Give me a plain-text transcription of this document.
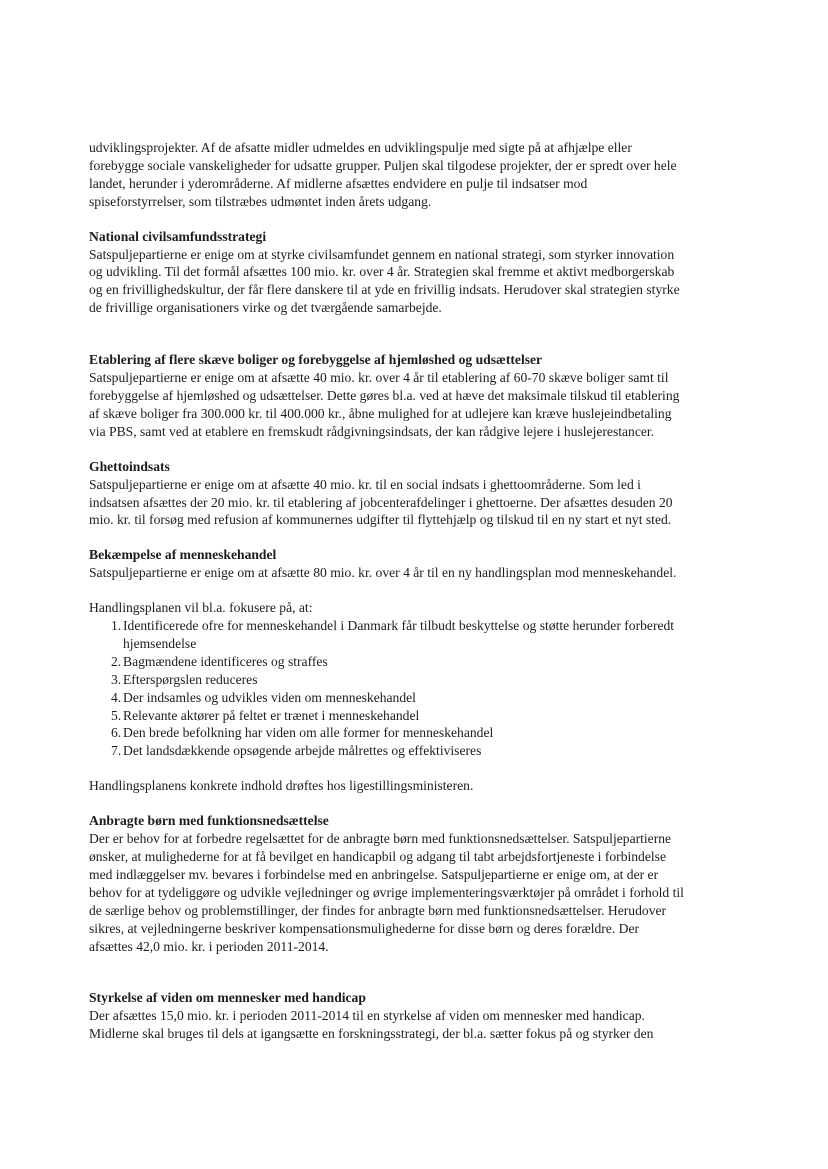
udviklingsprojekter. Af de afsatte midler udmeldes en udviklingspulje med sigte på at afhjælpe eller
forebygge sociale vanskeligheder for udsatte grupper. Puljen skal tilgodese projekter, der er spredt over hele
landet, herunder i yderområderne. Af midlerne afsættes endvidere en pulje til indsatser mod
spiseforstyrrelser, som tilstræbes udmøntet inden årets udgang.

National civilsamfundsstrategi

Satspuljepartierne er enige om at styrke civilsamfundet gennem en national strategi, som styrker innovation
og udvikling. Til det formål afsættes 100 mio. kr. over 4 år. Strategien skal fremme et aktivt medborgerskab
og en frivillighedskultur, der får flere danskere til at yde en frivillig indsats. Herudover skal strategien styrke
de frivillige organisationers virke og det tværgående samarbejde.

Etablering af flere skæve boliger og forebyggelse af hjemløshed og udsættelser

Satspuljepartierne er enige om at afsætte 40 mio. kr. over 4 år til etablering af 60-70 skæve boliger samt til
forebyggelse af hjemløshed og udsættelser. Dette gøres bl.a. ved at hæve det maksimale tilskud til etablering
af skæve boliger fra 300.000 kr. til 400.000 kr., åbne mulighed for at udlejere kan kræve huslejeindbetaling
via PBS, samt ved at etablere en fremskudt rådgivningsindsats, der kan rådgive lejere i huslejerestancer.

Ghettoindsats

Satspuljepartierne er enige om at afsætte 40 mio. kr. til en social indsats i ghettoområderne. Som led i
indsatsen afsættes der 20 mio. kr. til etablering af jobcenterafdelinger i ghettoerne. Der afsættes desuden 20
mio. kr. til forsøg med refusion af kommunernes udgifter til flyttehjælp og tilskud til en ny start et nyt sted.

Bekæmpelse af menneskehandel

Satspuljepartierne er enige om at afsætte 80 mio. kr. over 4 år til en ny handlingsplan mod menneskehandel.

Handlingsplanen vil bl.a. fokusere på, at:

1. Identificerede ofre for menneskehandel i Danmark får tilbudt beskyttelse og støtte herunder forberedt
hjemsendelse

2. Bagmændene identificeres og straffes

3. Efterspørgslen reduceres

4. Der indsamles og udvikles viden om menneskehandel

5. Relevante aktører på feltet er trænet i menneskehandel

6. Den brede befolkning har viden om alle former for menneskehandel

7. Det landsdækkende opsøgende arbejde målrettes og effektiviseres

Handlingsplanens konkrete indhold drøftes hos ligestillingsministeren.

Anbragte børn med funktionsnedsættelse

Der er behov for at forbedre regelsættet for de anbragte børn med funktionsnedsættelser. Satspuljepartierne
ønsker, at mulighederne for at få bevilget en handicapbil og adgang til tabt arbejdsfortjeneste i forbindelse
med indlæggelser mv. bevares i forbindelse med en anbringelse. Satspuljepartierne er enige om, at der er
behov for at tydeliggøre og udvikle vejledninger og øvrige implementeringsværktøjer på området i forhold til
de særlige behov og problemstillinger, der findes for anbragte børn med funktionsnedsættelser. Herudover
sikres, at vejledningerne beskriver kompensationsmulighederne for disse børn og deres forældre. Der
afsættes 42,0 mio. kr. i perioden 2011-2014.

Styrkelse af viden om mennesker med handicap

Der afsættes 15,0 mio. kr. i perioden 2011-2014 til en styrkelse af viden om mennesker med handicap.
Midlerne skal bruges til dels at igangsætte en forskningsstrategi, der bl.a. sætter fokus på og styrker den
